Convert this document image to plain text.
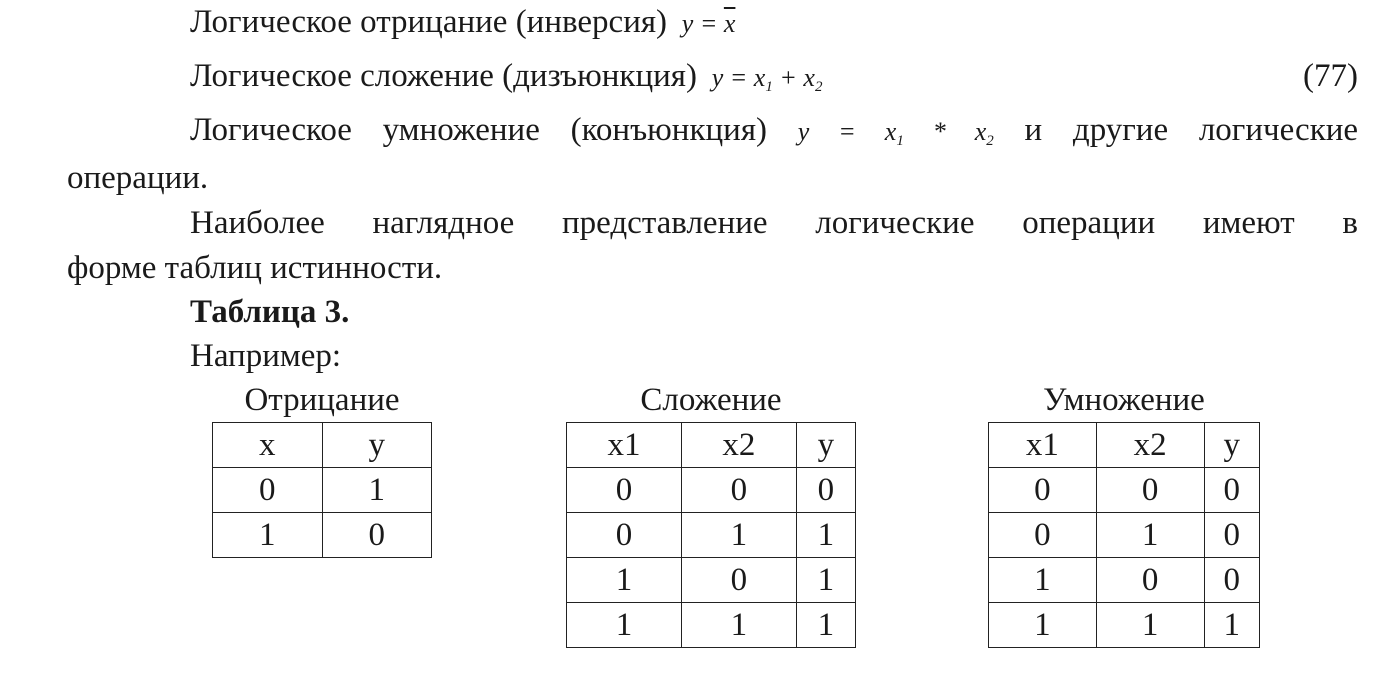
Логическое отрицание (инверсия)  $y = \overline{x}$
Логическое сложение (дизъюнкция) $y = x_1 + x_2$	(77)
Логическое умножение (конъюнкция) $y = x_1 * x_2$ и другие логические
операции.
Наиболее наглядное представление логические операции имеют в
форме таблиц истинности.
Таблица 3.
Например:
Отрицание
x	y
0	1
1	0
Сложение
x1	x2	y
0	0	0
0	1	1
1	0	1
1	1	1
Умножение
x1	x2	y
0	0	0
0	1	0
1	0	0
1	1	1
